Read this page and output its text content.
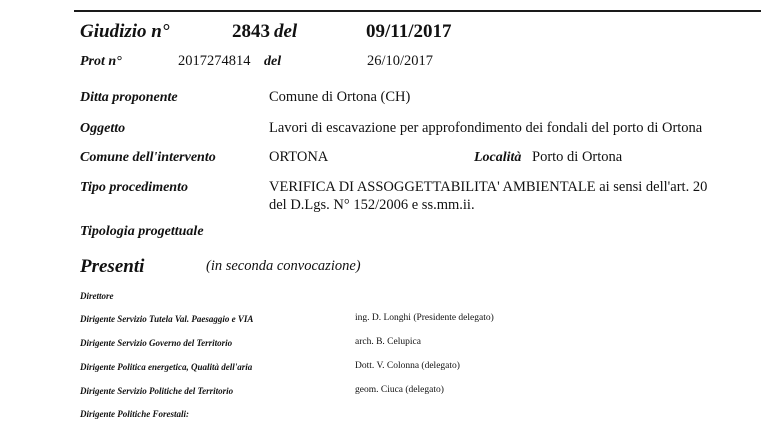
Giudizio n°	2843 del	09/11/2017
Prot n°	2017274814 del	26/10/2017
Ditta proponente	Comune di Ortona (CH)
Oggetto	Lavori di escavazione per approfondimento dei fondali del porto di Ortona
Comune dell'intervento	ORTONA	Località Porto di Ortona
Tipo procedimento	VERIFICA DI ASSOGGETTABILITA' AMBIENTALE ai sensi dell'art. 20
del D.Lgs. N° 152/2006 e ss.mm.ii.
Tipologia progettuale
Presenti	(in seconda convocazione)
Direttore
Dirigente Servizio Tutela Val. Paesaggio e VIA	ing. D. Longhi (Presidente delegato)
Dirigente Servizio Governo del Territorio	arch. B. Celupica
Dirigente Politica energetica, Qualità dell'aria	Dott. V. Colonna (delegato)
Dirigente Servizio Politiche del Territorio	geom. Ciuca (delegato)
Dirigente Politiche Forestali:
